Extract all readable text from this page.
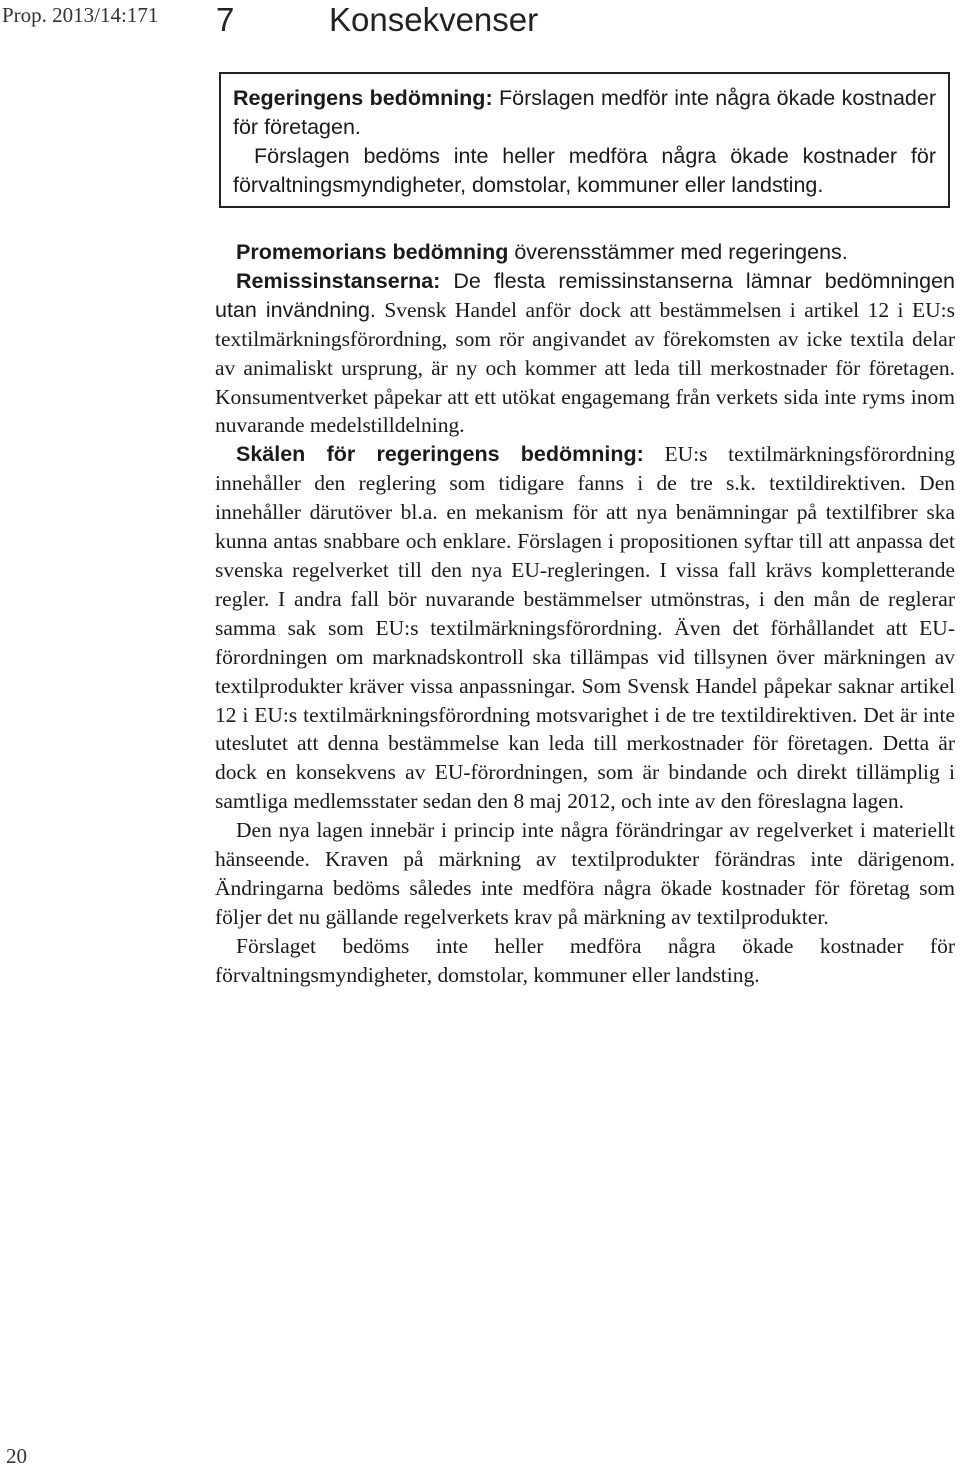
Prop. 2013/14:171 7	Konsekvenser

Regeringens bedömning: Förslagen medför inte några ökade kostnader för företagen.

Förslagen bedöms inte heller medföra några ökade kostnader för förvaltningsmyndigheter, domstolar, kommuner eller landsting.

Promemorians bedömning överensstämmer med regeringens.

Remissinstanserna: De flesta remissinstanserna lämnar bedömningen utan invändning. Svensk Handel anför dock att bestämmelsen i artikel 12 i EU:s textilmärkningsförordning, som rör angivandet av förekomsten av icke textila delar av animaliskt ursprung, är ny och kommer att leda till merkostnader för företagen. Konsumentverket påpekar att ett utökat engagemang från verkets sida inte ryms inom nuvarande medelstilldelning.

Skälen för regeringens bedömning: EU:s textilmärkningsförordning innehåller den reglering som tidigare fanns i de tre s.k. textildirektiven. Den innehåller därutöver bl.a. en mekanism för att nya benämningar på textilfibrer ska kunna antas snabbare och enklare. Förslagen i propositionen syftar till att anpassa det svenska regelverket till den nya EU-regleringen. I vissa fall krävs kompletterande regler. I andra fall bör nuvarande bestämmelser utmönstras, i den mån de reglerar samma sak som EU:s textilmärkningsförordning. Även det förhållandet att EU-förordningen om marknadskontroll ska tillämpas vid tillsynen över märkningen av textilprodukter kräver vissa anpassningar. Som Svensk Handel påpekar saknar artikel 12 i EU:s textilmärkningsförordning motsvarighet i de tre textildirektiven. Det är inte uteslutet att denna bestämmelse kan leda till merkostnader för företagen. Detta är dock en konsekvens av EU-förordningen, som är bindande och direkt tillämplig i samtliga medlemsstater sedan den 8 maj 2012, och inte av den föreslagna lagen.

Den nya lagen innebär i princip inte några förändringar av regelverket i materiellt hänseende. Kraven på märkning av textilprodukter förändras inte därigenom. Ändringarna bedöms således inte medföra några ökade kostnader för företag som följer det nu gällande regelverkets krav på märkning av textilprodukter.

Förslaget bedöms inte heller medföra några ökade kostnader för förvaltningsmyndigheter, domstolar, kommuner eller landsting.

20
